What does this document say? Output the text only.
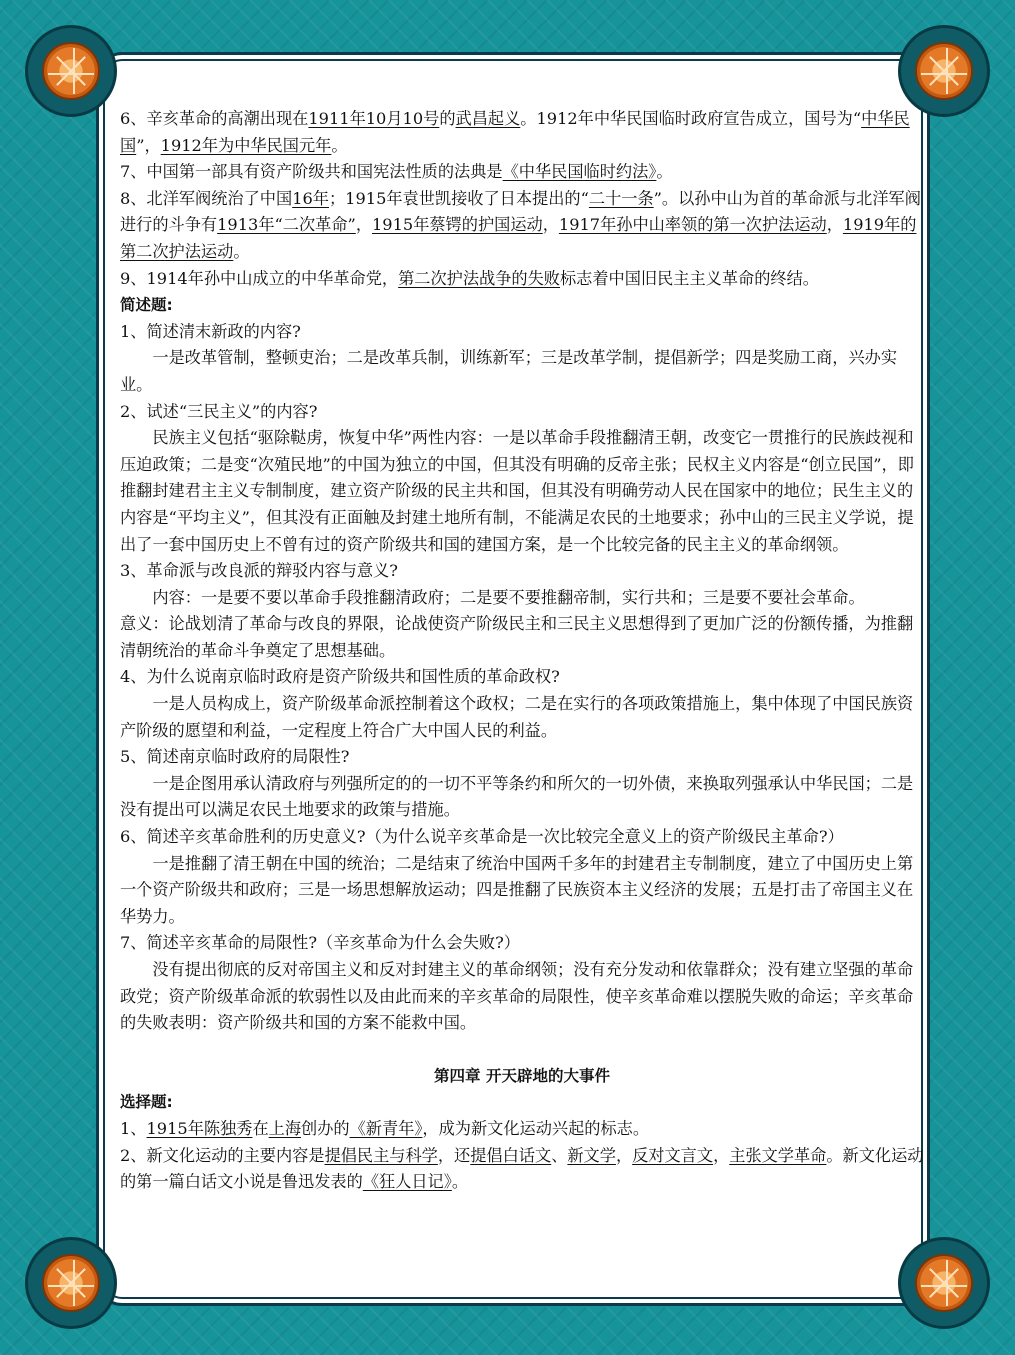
6、辛亥革命的高潮出现在1911年10月10号的武昌起义。1912年中华民国临时政府宣告成立，国号为“中华民国”，1912年为中华民国元年。

7、中国第一部具有资产阶级共和国宪法性质的法典是《中华民国临时约法》。

8、北洋军阀统治了中国16年；1915年袁世凯接收了日本提出的“二十一条”。以孙中山为首的革命派与北洋军阀进行的斗争有1913年“二次革命”，1915年蔡锷的护国运动，1917年孙中山率领的第一次护法运动，1919年的第二次护法运动。

9、1914年孙中山成立的中华革命党，第二次护法战争的失败标志着中国旧民主主义革命的终结。

简述题:

1、简述清末新政的内容?

一是改革管制，整顿吏治；二是改革兵制，训练新军；三是改革学制，提倡新学；四是奖励工商，兴办实业。

2、试述“三民主义”的内容?

民族主义包括“驱除鞑虏，恢复中华”两性内容：一是以革命手段推翻清王朝，改变它一贯推行的民族歧视和压迫政策；二是变“次殖民地”的中国为独立的中国，但其没有明确的反帝主张；民权主义内容是“创立民国”，即推翻封建君主主义专制制度，建立资产阶级的民主共和国，但其没有明确劳动人民在国家中的地位；民生主义的内容是“平均主义”，但其没有正面触及封建土地所有制，不能满足农民的土地要求；孙中山的三民主义学说，提出了一套中国历史上不曾有过的资产阶级共和国的建国方案，是一个比较完备的民主主义的革命纲领。

3、革命派与改良派的辩驳内容与意义?

内容：一是要不要以革命手段推翻清政府；二是要不要推翻帝制，实行共和；三是要不要社会革命。

意义：论战划清了革命与改良的界限，论战使资产阶级民主和三民主义思想得到了更加广泛的份额传播，为推翻清朝统治的革命斗争奠定了思想基础。

4、为什么说南京临时政府是资产阶级共和国性质的革命政权?

一是人员构成上，资产阶级革命派控制着这个政权；二是在实行的各项政策措施上，集中体现了中国民族资产阶级的愿望和利益，一定程度上符合广大中国人民的利益。

5、简述南京临时政府的局限性?

一是企图用承认清政府与列强所定的的一切不平等条约和所欠的一切外债，来换取列强承认中华民国；二是没有提出可以满足农民土地要求的政策与措施。

6、简述辛亥革命胜利的历史意义?（为什么说辛亥革命是一次比较完全意义上的资产阶级民主革命?）

一是推翻了清王朝在中国的统治；二是结束了统治中国两千多年的封建君主专制制度，建立了中国历史上第一个资产阶级共和政府；三是一场思想解放运动；四是推翻了民族资本主义经济的发展；五是打击了帝国主义在华势力。

7、简述辛亥革命的局限性?（辛亥革命为什么会失败?）

没有提出彻底的反对帝国主义和反对封建主义的革命纲领；没有充分发动和依靠群众；没有建立坚强的革命政党；资产阶级革命派的软弱性以及由此而来的辛亥革命的局限性，使辛亥革命难以摆脱失败的命运；辛亥革命的失败表明：资产阶级共和国的方案不能救中国。

第四章 开天辟地的大事件

选择题:

1、1915年陈独秀在上海创办的《新青年》，成为新文化运动兴起的标志。

2、新文化运动的主要内容是提倡民主与科学，还提倡白话文、新文学，反对文言文，主张文学革命。新文化运动的第一篇白话文小说是鲁迅发表的《狂人日记》。
